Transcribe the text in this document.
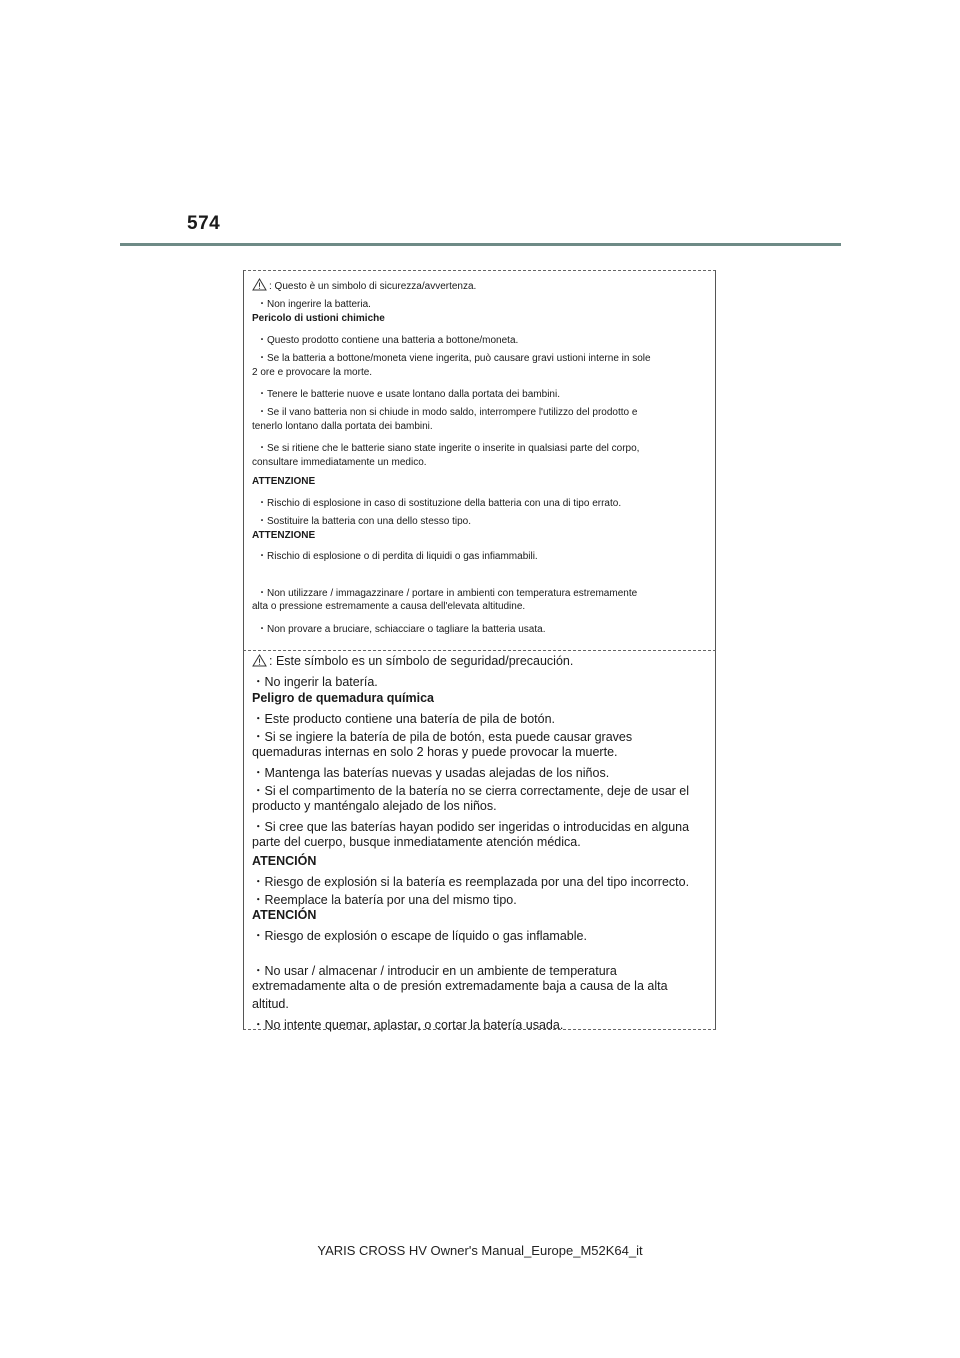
574
: Questo è un simbolo di sicurezza/avvertenza.
・Non ingerire la batteria.
Pericolo di ustioni chimiche
・Questo prodotto contiene una batteria a bottone/moneta.
・Se la batteria a bottone/moneta viene ingerita, può causare gravi ustioni interne in sole
2 ore e provocare la morte.
・Tenere le batterie nuove e usate lontano dalla portata dei bambini.
・Se il vano batteria non si chiude in modo saldo, interrompere l'utilizzo del prodotto e
tenerlo lontano dalla portata dei bambini.
・Se si ritiene che le batterie siano state ingerite o inserite in qualsiasi parte del corpo,
consultare immediatamente un medico.
ATTENZIONE
・Rischio di esplosione in caso di sostituzione della batteria con una di tipo errato.
・Sostituire la batteria con una dello stesso tipo.
ATTENZIONE
・Rischio di esplosione o di perdita di liquidi o gas infiammabili.
・Non utilizzare / immagazzinare / portare in ambienti con temperatura estremamente
alta o pressione estremamente a causa dell'elevata altitudine.
・Non provare a bruciare, schiacciare o tagliare la batteria usata.
: Este símbolo es un símbolo de seguridad/precaución.
・No ingerir la batería.
Peligro de quemadura química
・Este producto contiene una batería de pila de botón.
・Si se ingiere la batería de pila de botón, esta puede causar graves
quemaduras internas en solo 2 horas y puede provocar la muerte.
・Mantenga las baterías nuevas y usadas alejadas de los niños.
・Si el compartimento de la batería no se cierra correctamente, deje de usar el
producto y manténgalo alejado de los niños.
・Si cree que las baterías hayan podido ser ingeridas o introducidas en alguna
parte del cuerpo, busque inmediatamente atención médica.
ATENCIÓN
・Riesgo de explosión si la batería es reemplazada por una del tipo incorrecto.
・Reemplace la batería por una del mismo tipo.
ATENCIÓN
・Riesgo de explosión o escape de líquido o gas inflamable.
・No usar / almacenar / introducir en un ambiente de temperatura
extremadamente alta o de presión extremadamente baja a causa de la alta
altitud.
・No intente quemar, aplastar, o cortar la batería usada.
YARIS CROSS HV Owner's Manual_Europe_M52K64_it
